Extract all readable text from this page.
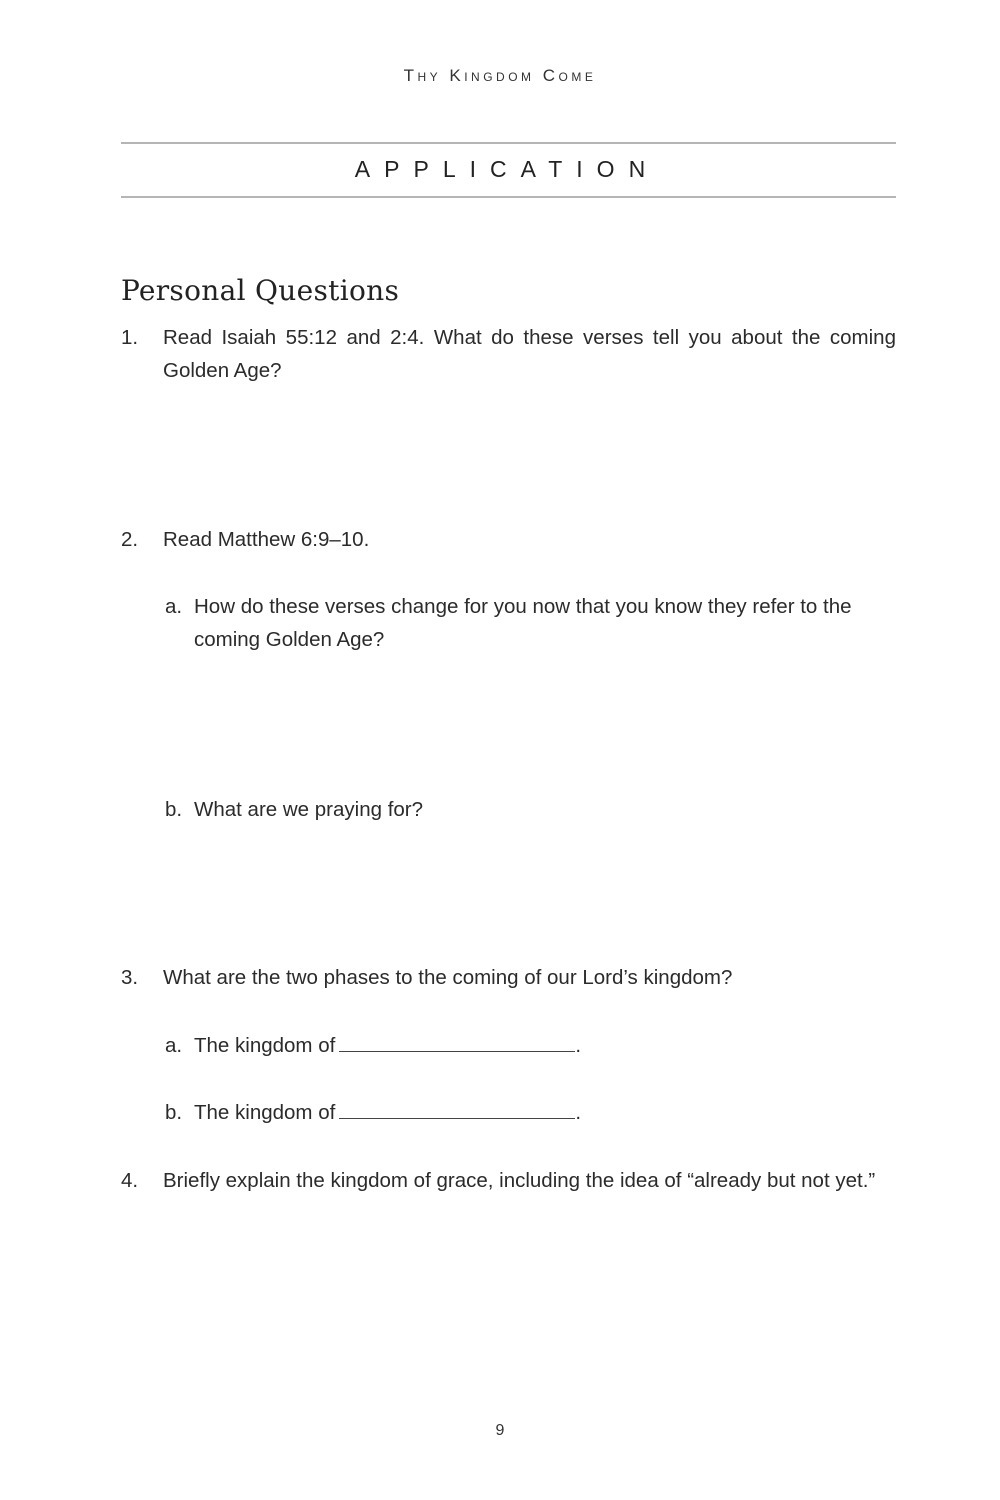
Thy Kingdom Come
APPLICATION
Personal Questions
1. Read Isaiah 55:12 and 2:4. What do these verses tell you about the coming Golden Age?
2. Read Matthew 6:9–10.
a. How do these verses change for you now that you know they refer to the coming Golden Age?
b. What are we praying for?
3. What are the two phases to the coming of our Lord’s kingdom?
a. The kingdom of	.
b. The kingdom of	.
4. Briefly explain the kingdom of grace, including the idea of “already but not yet.”
9
